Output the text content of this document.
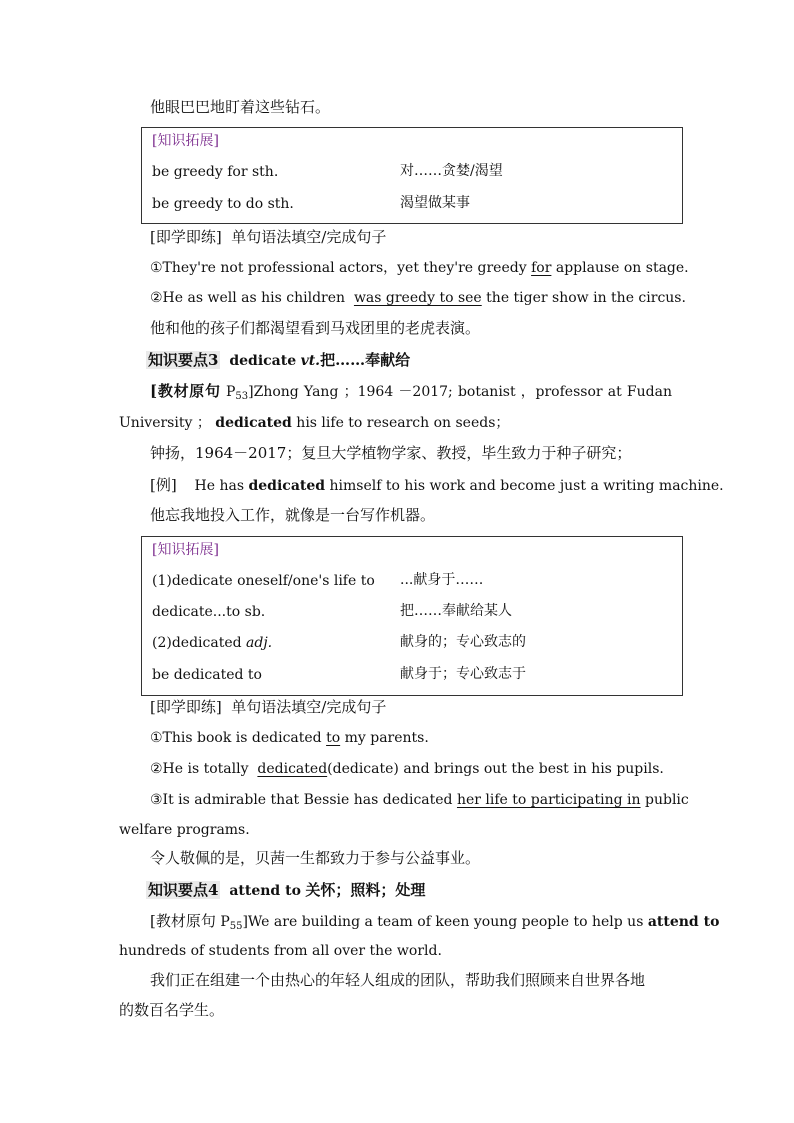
他眼巴巴地盯着这些钻石。
[知识拓展]
be greedy for sth.	对……贪婪/渴望
be greedy to do sth.	渴望做某事
[即学即练] 单句语法填空/完成句子
①They're not professional actors，yet they're greedy for applause on stage.
②He as well as his children was greedy to see the tiger show in the circus.
他和他的孩子们都渴望看到马戏团里的老虎表演。
知识要点3 dedicate vt.把……奉献给
[教材原句 $P_{53}]Zhong$ Yang ；1964 －2017; botanist ，professor at Fudan
University ； dedicated his life to research on seeds；
钟扬，1964－2017；复旦大学植物学家、教授，毕生致力于种子研究；
[例] He has dedicated himself to his work and become just a writing machine.
他忘我地投入工作，就像是一台写作机器。
[知识拓展]
(1)dedicate oneself/one's life to ...献身于……
dedicate...to sb.	把……奉献给某人
(2)dedicated adj.	献身的；专心致志的
be dedicated to	献身于；专心致志于
[即学即练] 单句语法填空/完成句子
①This book is dedicated to my parents.
②He is totally dedicated(dedicate) and brings out the best in his pupils.
③It is admirable that Bessie has dedicated her life to participating in public
welfare programs.
令人敬佩的是，贝茜一生都致力于参与公益事业。
知识要点4 attend to 关怀；照料；处理
[教材原句 $P_{55}]We$ are building a team of keen young people to help us attend to
hundreds of students from all over the world.
我们正在组建一个由热心的年轻人组成的团队，帮助我们照顾来自世界各地
的数百名学生。
